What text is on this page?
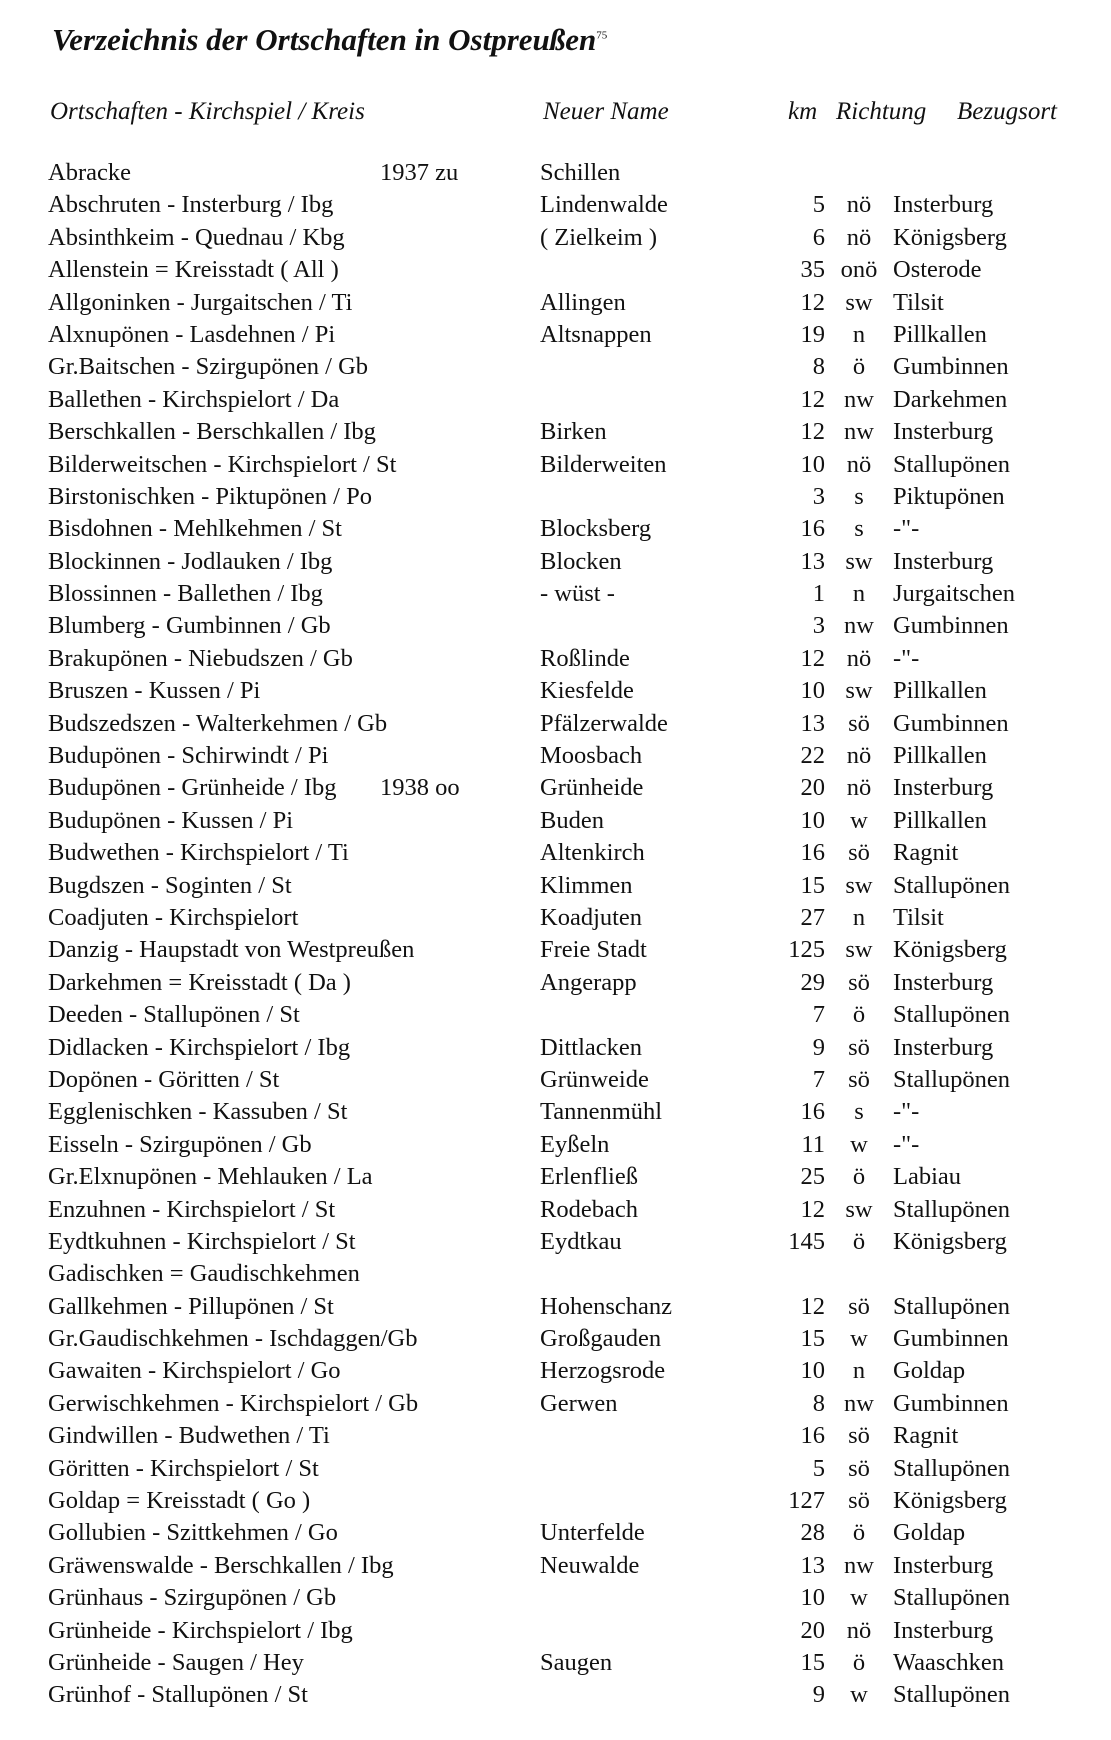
Verzeichnis der Ortschaften in Ostpreußen$^{75}$
Ortschaften - Kirchspiel / Kreis	Neuer Name	km Richtung Bezugsort
Abracke	1937 zu	Schillen
Abschruten - Insterburg / Ibg	Lindenwalde	5 nö Insterburg
Absinthkeim - Quednau / Kbg	( Zielkeim )	6 nö Königsberg
Allenstein = Kreisstadt ( All )	35 onö Osterode
Allgoninken - Jurgaitschen / Ti	Allingen	12 sw Tilsit
Alxnupönen - Lasdehnen / Pi	Altsnappen	19	n	Pillkallen
Gr.Baitschen - Szirgupönen / Gb	8	ö	Gumbinnen
Ballethen - Kirchspielort / Da	12 nw Darkehmen
Berschkallen - Berschkallen / Ibg	Birken	12 nw Insterburg
Bilderweitschen - Kirchspielort / St	Bilderweiten	10 nö Stallupönen
Birstonischken - Piktupönen / Po	3	s	Piktupönen
Bisdohnen - Mehlkehmen / St	Blocksberg	16	s	-"-
Blockinnen - Jodlauken / Ibg	Blocken	13 sw Insterburg
Blossinnen - Ballethen / Ibg	- wüst -	1	n	Jurgaitschen
Blumberg - Gumbinnen / Gb	3 nw Gumbinnen
Brakupönen - Niebudszen / Gb	Roßlinde	12 nö -"-
Bruszen - Kussen / Pi	Kiesfelde	10 sw Pillkallen
Budszedszen - Walterkehmen / Gb	Pfälzerwalde	13 sö Gumbinnen
Budupönen - Schirwindt / Pi	Moosbach	22 nö Pillkallen
Budupönen - Grünheide / Ibg 1938 oo	Grünheide	20 nö Insterburg
Budupönen - Kussen / Pi	Buden	10	w	Pillkallen
Budwethen - Kirchspielort / Ti	Altenkirch	16 sö Ragnit
Bugdszen - Soginten / St	Klimmen	15 sw Stallupönen
Coadjuten - Kirchspielort	Koadjuten	27	n	Tilsit
Danzig - Haupstadt von Westpreußen	Freie Stadt	125 sw Königsberg
Darkehmen = Kreisstadt ( Da )	Angerapp	29 sö Insterburg
Deeden - Stallupönen / St	7	ö	Stallupönen
Didlacken - Kirchspielort / Ibg	Dittlacken	9 sö Insterburg
Dopönen - Göritten / St	Grünweide	7 sö Stallupönen
Egglenischken - Kassuben / St	Tannenmühl	16	s	-"-
Eisseln - Szirgupönen / Gb	Eyßeln	11	w	-"-
Gr.Elxnupönen - Mehlauken / La	Erlenfließ	25	ö	Labiau
Enzuhnen - Kirchspielort / St	Rodebach	12 sw Stallupönen
Eydtkuhnen - Kirchspielort / St	Eydtkau	145	ö	Königsberg
Gadischken = Gaudischkehmen
Gallkehmen - Pillupönen / St	Hohenschanz	12 sö Stallupönen
Gr.Gaudischkehmen - Ischdaggen/Gb	Großgauden	15	w	Gumbinnen
Gawaiten - Kirchspielort / Go	Herzogsrode	10	n	Goldap
Gerwischkehmen - Kirchspielort / Gb	Gerwen	8 nw Gumbinnen
Gindwillen - Budwethen / Ti	16 sö Ragnit
Göritten - Kirchspielort / St	5 sö Stallupönen
Goldap = Kreisstadt ( Go )	127 sö Königsberg
Gollubien - Szittkehmen / Go	Unterfelde	28	ö	Goldap
Gräwenswalde - Berschkallen / Ibg	Neuwalde	13 nw Insterburg
Grünhaus - Szirgupönen / Gb	10	w	Stallupönen
Grünheide - Kirchspielort / Ibg	20 nö Insterburg
Grünheide - Saugen / Hey	Saugen	15	ö	Waaschken
Grünhof - Stallupönen / St	9	w	Stallupönen
